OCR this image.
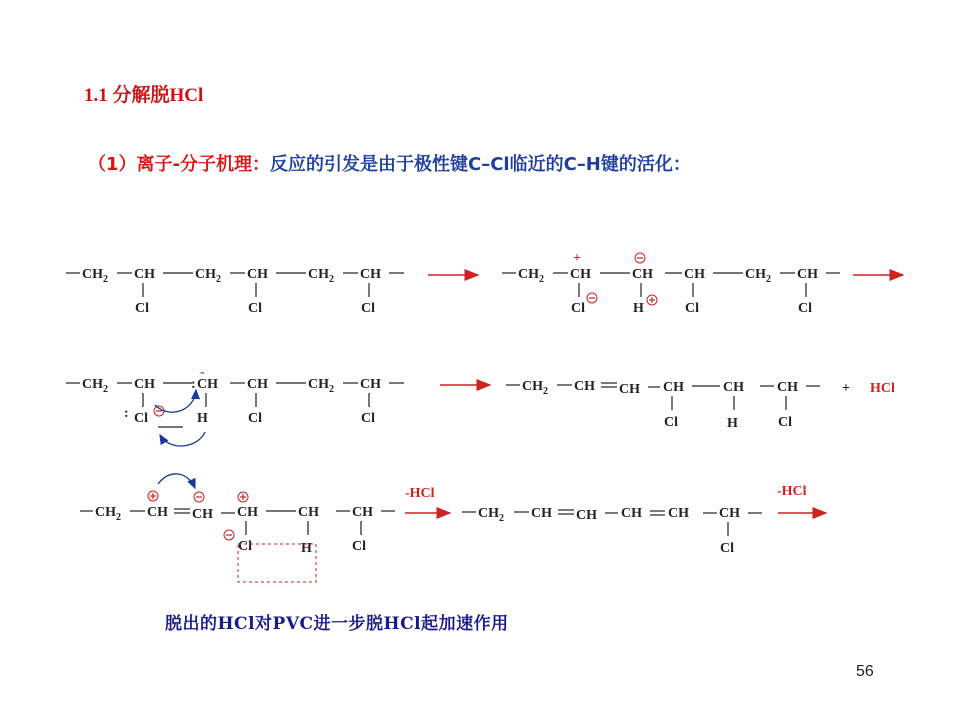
1.1 分解脱HCl
（1）离子-分子机理：反应的引发是由于极性键C–Cl临近的C–H键的活化：
$CH_2$ CH
Cl
$CH_2$ CH
Cl
$CH_2$ CH
Cl
$CH_2$ CH
+
Cl
CH
H
CH
Cl
$CH_2$ CH
Cl
$CH_2$ CH
: Cl
: CH
-
H
CH
Cl
$CH_2$ CH
Cl
$CH_2$ CH CH CH
Cl
CH
H
CH
Cl
+ HCl
$CH_2$ CH CH CH
Cl
CH
H
CH
Cl
-HCl
$CH_2$ CH CH CH CH CH
Cl
-HCl
脱出的HCl对PVC进一步脱HCl起加速作用
56
